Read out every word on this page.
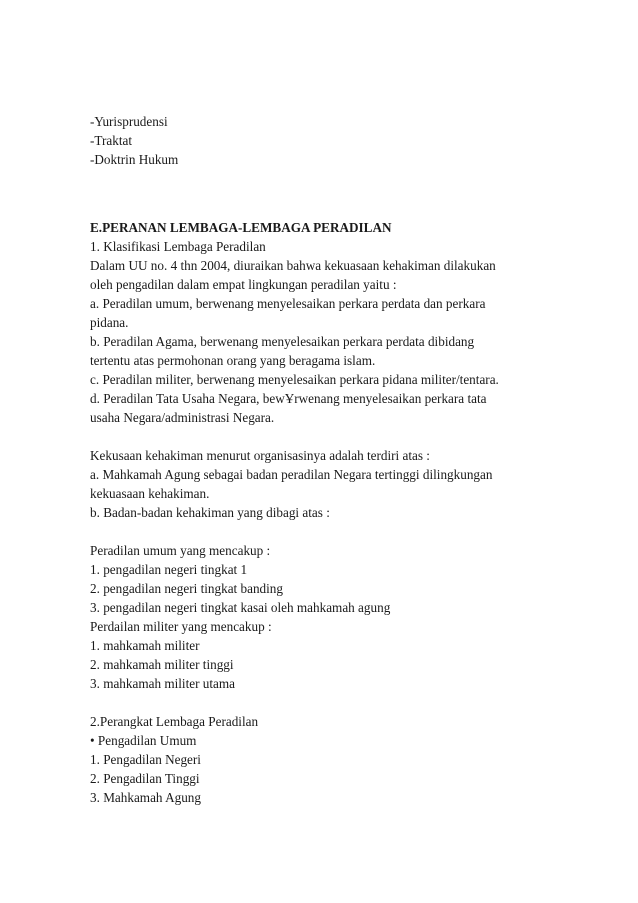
-Yurisprudensi
-Traktat
-Doktrin Hukum
E.PERANAN LEMBAGA-LEMBAGA PERADILAN
1. Klasifikasi Lembaga Peradilan
Dalam UU no. 4 thn 2004, diuraikan bahwa kekuasaan kehakiman dilakukan
oleh pengadilan dalam empat lingkungan peradilan yaitu :
a. Peradilan umum, berwenang menyelesaikan perkara perdata dan perkara
pidana.
b. Peradilan Agama, berwenang menyelesaikan perkara perdata dibidang
tertentu atas permohonan orang yang beragama islam.
c. Peradilan militer, berwenang menyelesaikan perkara pidana militer/tentara.
d. Peradilan Tata Usaha Negara, bewҰrwenang menyelesaikan perkara tata
usaha Negara/administrasi Negara.
Kekusaan kehakiman menurut organisasinya adalah terdiri atas :
a. Mahkamah Agung sebagai badan peradilan Negara tertinggi dilingkungan
kekuasaan kehakiman.
b. Badan-badan kehakiman yang dibagi atas :
Peradilan umum yang mencakup :
1. pengadilan negeri tingkat 1
2. pengadilan negeri tingkat banding
3. pengadilan negeri tingkat kasai oleh mahkamah agung
Perdailan militer yang mencakup :
1. mahkamah militer
2. mahkamah militer tinggi
3. mahkamah militer utama
2.Perangkat Lembaga Peradilan
• Pengadilan Umum
1. Pengadilan Negeri
2. Pengadilan Tinggi
3. Mahkamah Agung
